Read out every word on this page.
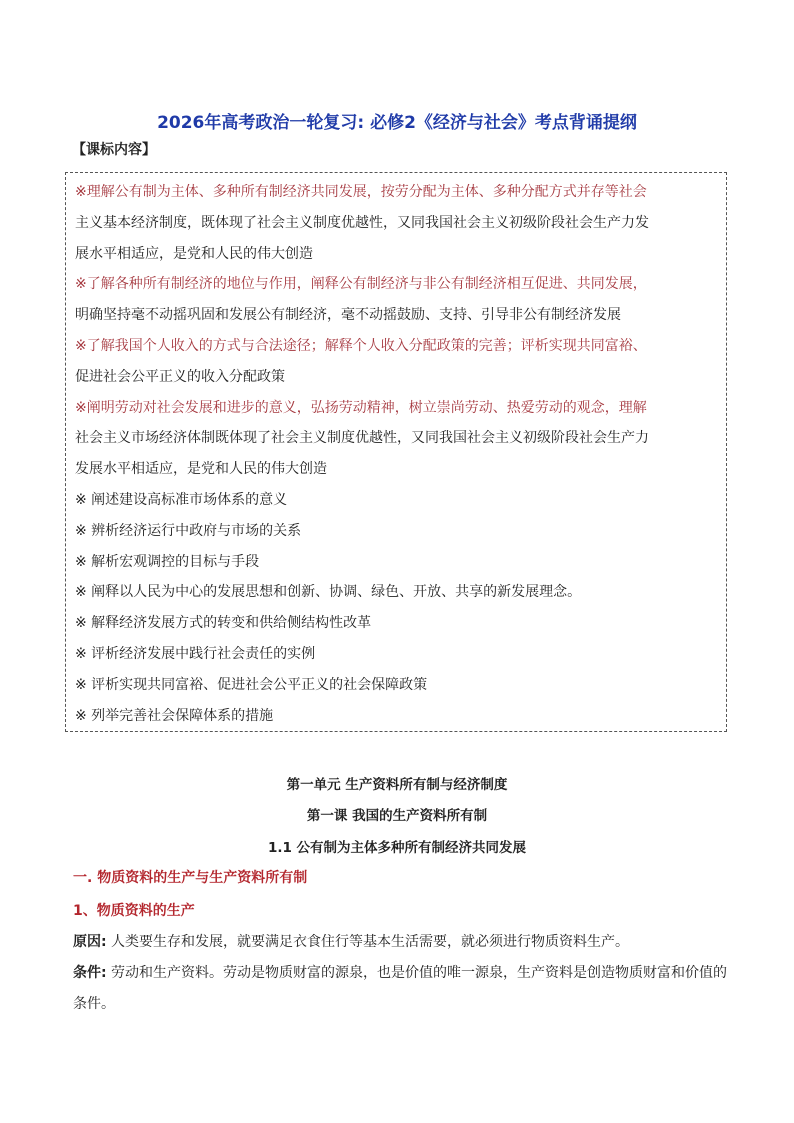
2026年高考政治一轮复习: 必修2《经济与社会》考点背诵提纲
【课标内容】
※理解公有制为主体、多种所有制经济共同发展，按劳分配为主体、多种分配方式并存等社会
主义基本经济制度，既体现了社会主义制度优越性，又同我国社会主义初级阶段社会生产力发
展水平相适应，是党和人民的伟大创造
※了解各种所有制经济的地位与作用，阐释公有制经济与非公有制经济相互促进、共同发展，
明确坚持毫不动摇巩固和发展公有制经济，毫不动摇鼓励、支持、引导非公有制经济发展
※了解我国个人收入的方式与合法途径；解释个人收入分配政策的完善；评析实现共同富裕、
促进社会公平正义的收入分配政策
※阐明劳动对社会发展和进步的意义，弘扬劳动精神，树立崇尚劳动、热爱劳动的观念，理解
社会主义市场经济体制既体现了社会主义制度优越性，又同我国社会主义初级阶段社会生产力
发展水平相适应，是党和人民的伟大创造
※ 阐述建设高标准市场体系的意义
※ 辨析经济运行中政府与市场的关系
※ 解析宏观调控的目标与手段
※ 阐释以人民为中心的发展思想和创新、协调、绿色、开放、共享的新发展理念。
※ 解释经济发展方式的转变和供给侧结构性改革
※ 评析经济发展中践行社会责任的实例
※ 评析实现共同富裕、促进社会公平正义的社会保障政策
※ 列举完善社会保障体系的措施
第一单元 生产资料所有制与经济制度
第一课 我国的生产资料所有制
1.1 公有制为主体多种所有制经济共同发展
一. 物质资料的生产与生产资料所有制
1、物质资料的生产
原因: 人类要生存和发展，就要满足衣食住行等基本生活需要，就必须进行物质资料生产。
条件: 劳动和生产资料。劳动是物质财富的源泉，也是价值的唯一源泉，生产资料是创造物质财富和价值的条件。
